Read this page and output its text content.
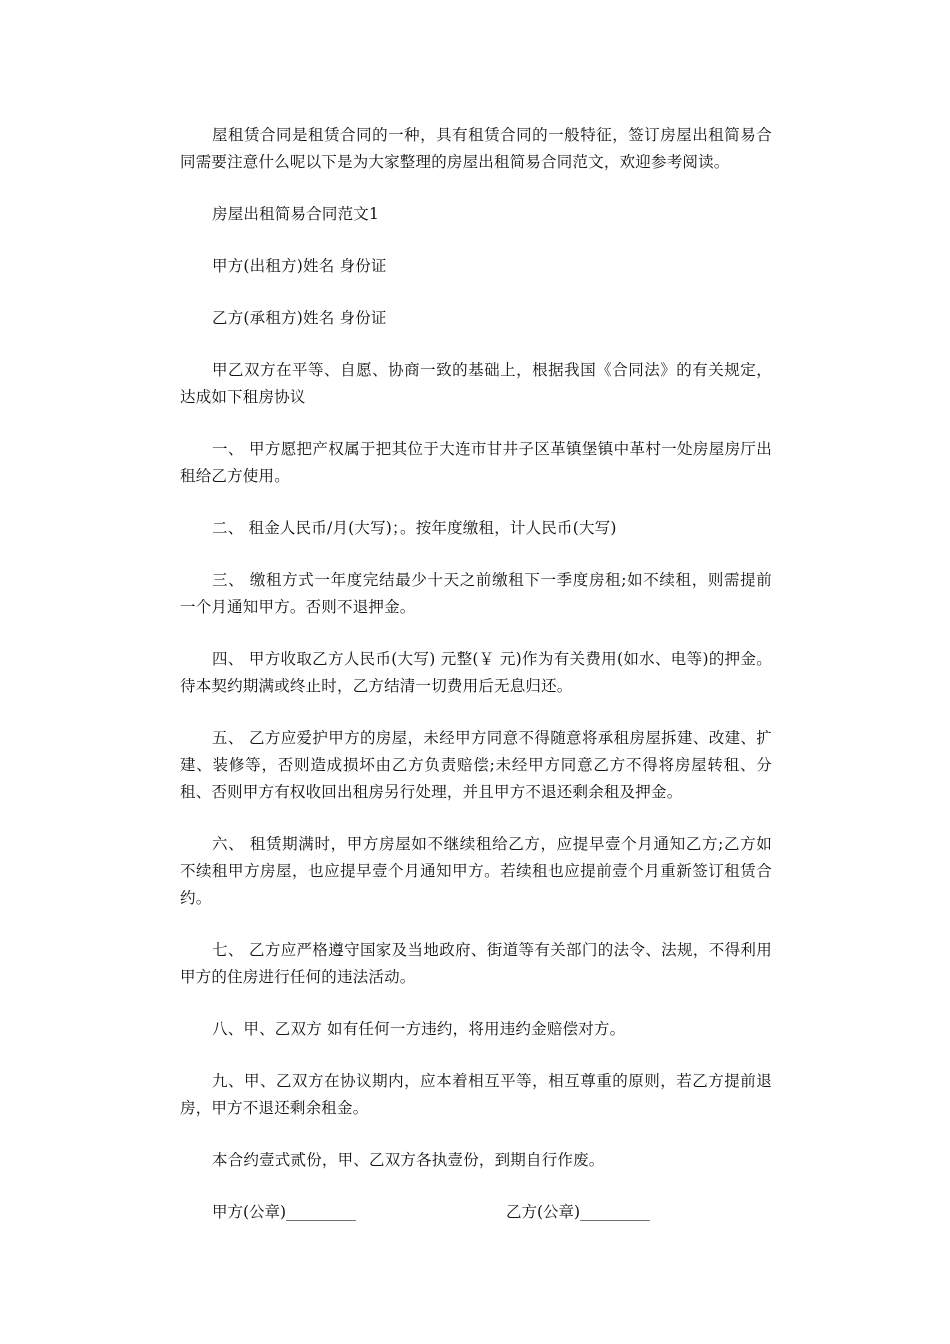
屋租赁合同是租赁合同的一种，具有租赁合同的一般特征，签订房屋出租简易合同需要注意什么呢以下是为大家整理的房屋出租简易合同范文，欢迎参考阅读。

房屋出租简易合同范文1

甲方(出租方)姓名 身份证

乙方(承租方)姓名 身份证

甲乙双方在平等、自愿、协商一致的基础上，根据我国《合同法》的有关规定，达成如下租房协议

一、 甲方愿把产权属于把其位于大连市甘井子区革镇堡镇中革村一处房屋房厅出租给乙方使用。

二、 租金人民币/月(大写)；。按年度缴租，计人民币(大写)

三、 缴租方式一年度完结最少十天之前缴租下一季度房租;如不续租，则需提前一个月通知甲方。否则不退押金。

四、 甲方收取乙方人民币(大写) 元整(￥ 元)作为有关费用(如水、电等)的押金。待本契约期满或终止时，乙方结清一切费用后无息归还。

五、 乙方应爱护甲方的房屋，未经甲方同意不得随意将承租房屋拆建、改建、扩建、装修等，否则造成损坏由乙方负责赔偿;未经甲方同意乙方不得将房屋转租、分租、否则甲方有权收回出租房另行处理，并且甲方不退还剩余租及押金。

六、 租赁期满时，甲方房屋如不继续租给乙方，应提早壹个月通知乙方;乙方如不续租甲方房屋，也应提早壹个月通知甲方。若续租也应提前壹个月重新签订租赁合约。

七、 乙方应严格遵守国家及当地政府、街道等有关部门的法令、法规，不得利用甲方的住房进行任何的违法活动。

八、甲、乙双方 如有任何一方违约，将用违约金赔偿对方。

九、甲、乙双方在协议期内，应本着相互平等，相互尊重的原则，若乙方提前退房，甲方不退还剩余租金。

本合约壹式贰份，甲、乙双方各执壹份，到期自行作废。

甲方(公章)_________	乙方(公章)_________
